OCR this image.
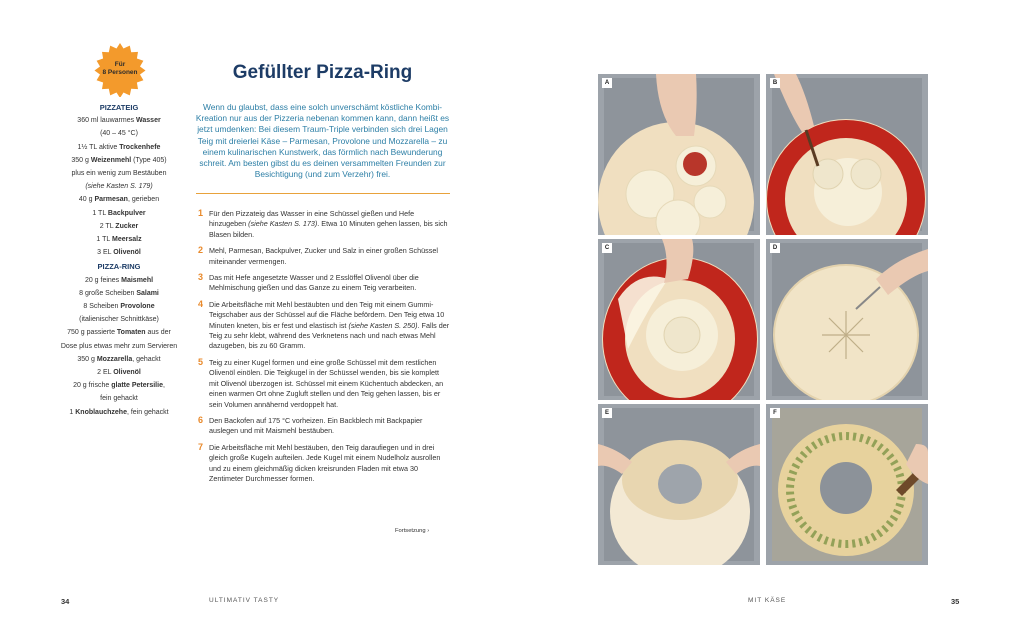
Für
8 Personen
PIZZATEIG
360 ml lauwarmes Wasser
(40 – 45 °C)
1½ TL aktive Trockenhefe
350 g Weizenmehl (Type 405)
plus ein wenig zum Bestäuben
(siehe Kasten S. 179)
40 g Parmesan, gerieben
1 TL Backpulver
2 TL Zucker
1 TL Meersalz
3 EL Olivenöl
PIZZA-RING
20 g feines Maismehl
8 große Scheiben Salami
8 Scheiben Provolone
(italienischer Schnittkäse)
750 g passierte Tomaten aus der
Dose plus etwas mehr zum Servieren
350 g Mozzarella, gehackt
2 EL Olivenöl
20 g frische glatte Petersilie,
fein gehackt
1 Knoblauchzehe, fein gehackt
Gefüllter Pizza-Ring
Wenn du glaubst, dass eine solch unverschämt köstliche Kombi-Kreation nur aus der Pizzeria nebenan kommen kann, dann heißt es jetzt umdenken: Bei diesem Traum-Triple verbinden sich drei Lagen Teig mit dreierlei Käse – Parmesan, Provolone und Mozzarella – zu einem kulinarischen Kunstwerk, das förmlich nach Bewunderung schreit. Am besten gibst du es deinen versammelten Freunden zur Besichtigung (und zum Verzehr) frei.
1 Für den Pizzateig das Wasser in eine Schüssel gießen und Hefe hinzugeben (siehe Kasten S. 173). Etwa 10 Minuten gehen lassen, bis sich Blasen bilden.
2 Mehl, Parmesan, Backpulver, Zucker und Salz in einer großen Schüssel miteinander vermengen.
3 Das mit Hefe angesetzte Wasser und 2 Esslöffel Olivenöl über die Mehlmischung gießen und das Ganze zu einem Teig verarbeiten.
4 Die Arbeitsfläche mit Mehl bestäubten und den Teig mit einem Gummi-Teigschaber aus der Schüssel auf die Fläche befördern. Den Teig etwa 10 Minuten kneten, bis er fest und elastisch ist (siehe Kasten S. 250). Falls der Teig zu sehr klebt, während des Verknetens nach und nach etwas Mehl dazugeben, bis zu 60 Gramm.
5 Teig zu einer Kugel formen und eine große Schüssel mit dem restlichen Olivenöl einölen. Die Teigkugel in der Schüssel wenden, bis sie komplett mit Olivenöl überzogen ist. Schüssel mit einem Küchentuch abdecken, an einen warmen Ort ohne Zugluft stellen und den Teig gehen lassen, bis er sein Volumen annähernd verdoppelt hat.
6 Den Backofen auf 175 °C vorheizen. Ein Backblech mit Backpapier auslegen und mit Maismehl bestäuben.
7 Die Arbeitsfläche mit Mehl bestäuben, den Teig daraufiegen und in drei gleich große Kugeln aufteilen. Jede Kugel mit einem Nudelholz ausrollen und zu einem gleichmäßig dicken kreisrunden Fladen mit etwa 30 Zentimeter Durchmesser formen.
Fortsetzung ›
34	ULTIMATIV TASTY	MIT KÄSE	35
A	B
C	D
E	F
